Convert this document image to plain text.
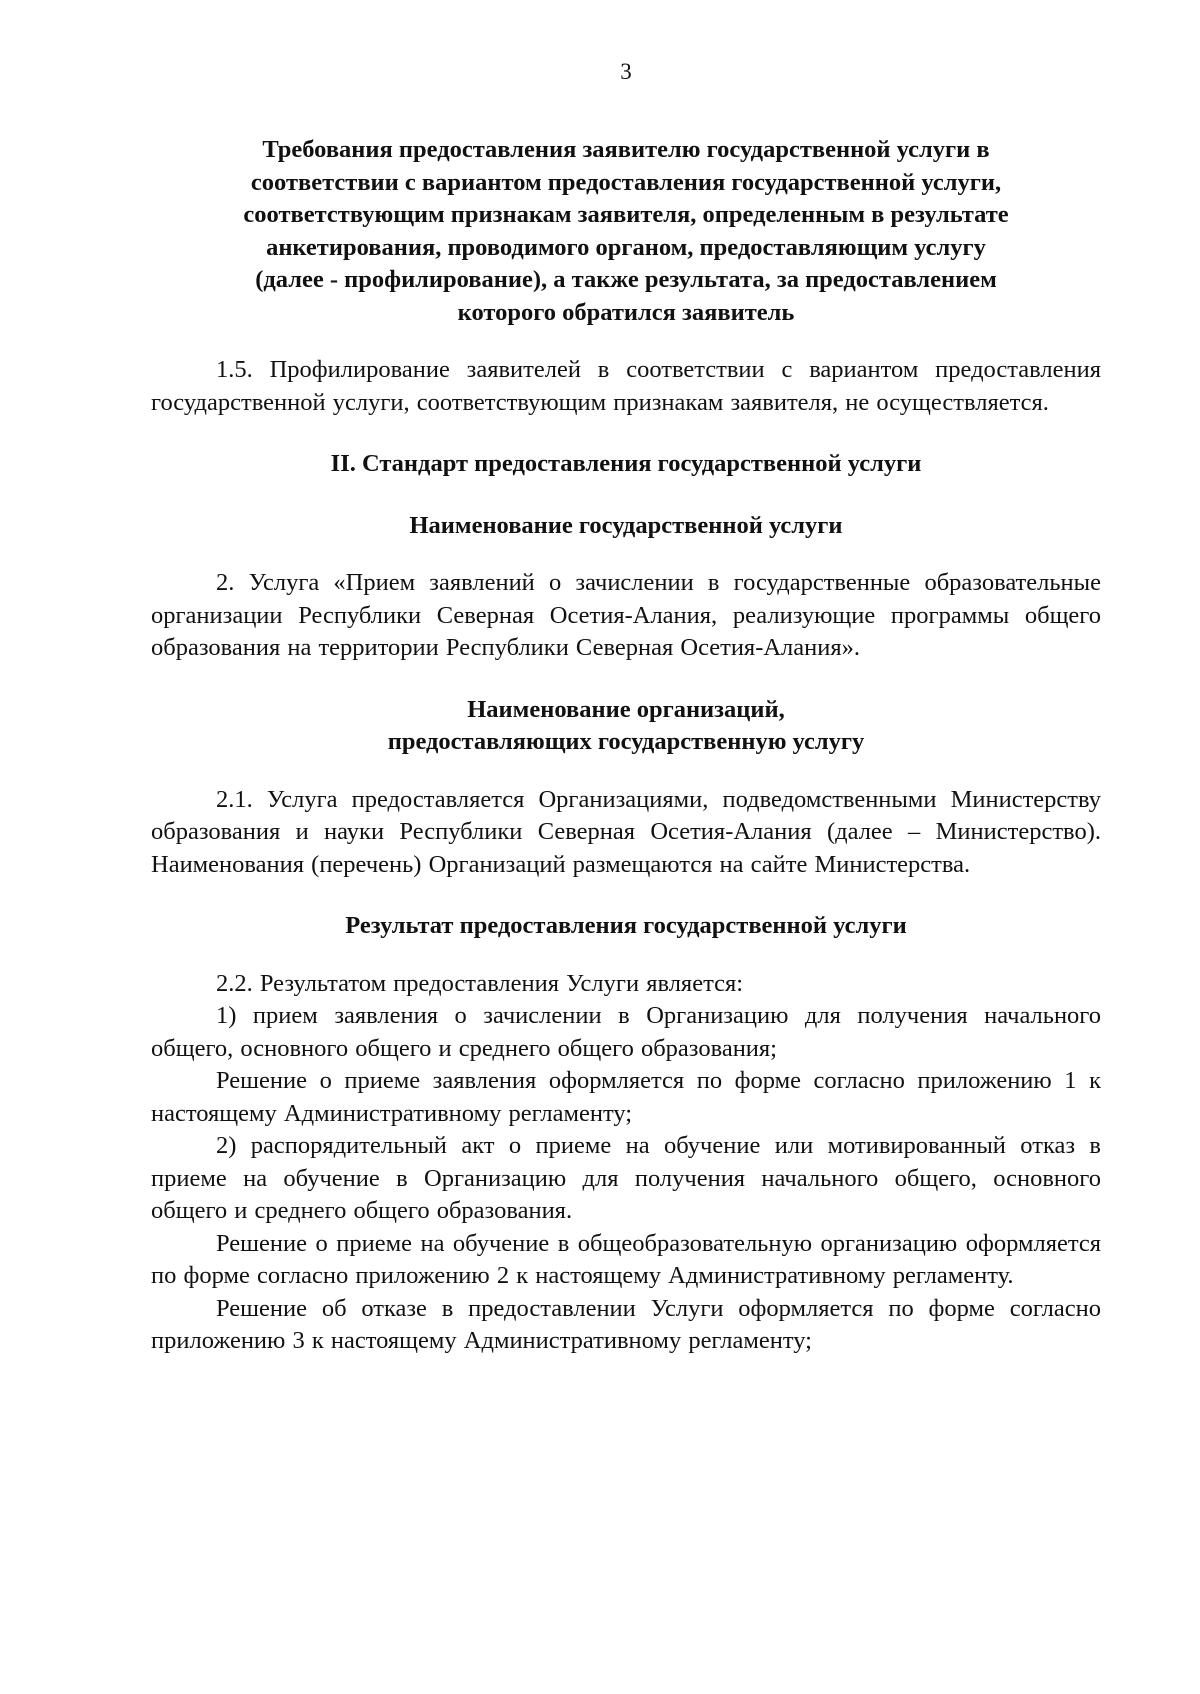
3
Требования предоставления заявителю государственной услуги в
соответствии с вариантом предоставления государственной услуги,
соответствующим признакам заявителя, определенным в результате
анкетирования, проводимого органом, предоставляющим услугу
(далее - профилирование), а также результата, за предоставлением
которого обратился заявитель

1.5. Профилирование заявителей в соответствии с вариантом предоставления государственной услуги, соответствующим признакам заявителя, не осуществляется.

II. Стандарт предоставления государственной услуги
Наименование государственной услуги

2. Услуга «Прием заявлений о зачислении в государственные образовательные организации Республики Северная Осетия-Алания, реализующие программы общего образования на территории Республики Северная Осетия-Алания».

Наименование организаций,
предоставляющих государственную услугу

2.1. Услуга предоставляется Организациями, подведомственными Министерству образования и науки Республики Северная Осетия-Алания (далее – Министерство). Наименования (перечень) Организаций размещаются на сайте Министерства.

Результат предоставления государственной услуги

2.2. Результатом предоставления Услуги является:

1) прием заявления о зачислении в Организацию для получения начального общего, основного общего и среднего общего образования;

Решение о приеме заявления оформляется по форме согласно приложению 1 к настоящему Административному регламенту;

2) распорядительный акт о приеме на обучение или мотивированный отказ в приеме на обучение в Организацию для получения начального общего, основного общего и среднего общего образования.

Решение о приеме на обучение в общеобразовательную организацию оформляется по форме согласно приложению 2 к настоящему Административному регламенту.

Решение об отказе в предоставлении Услуги оформляется по форме согласно приложению 3 к настоящему Административному регламенту;
